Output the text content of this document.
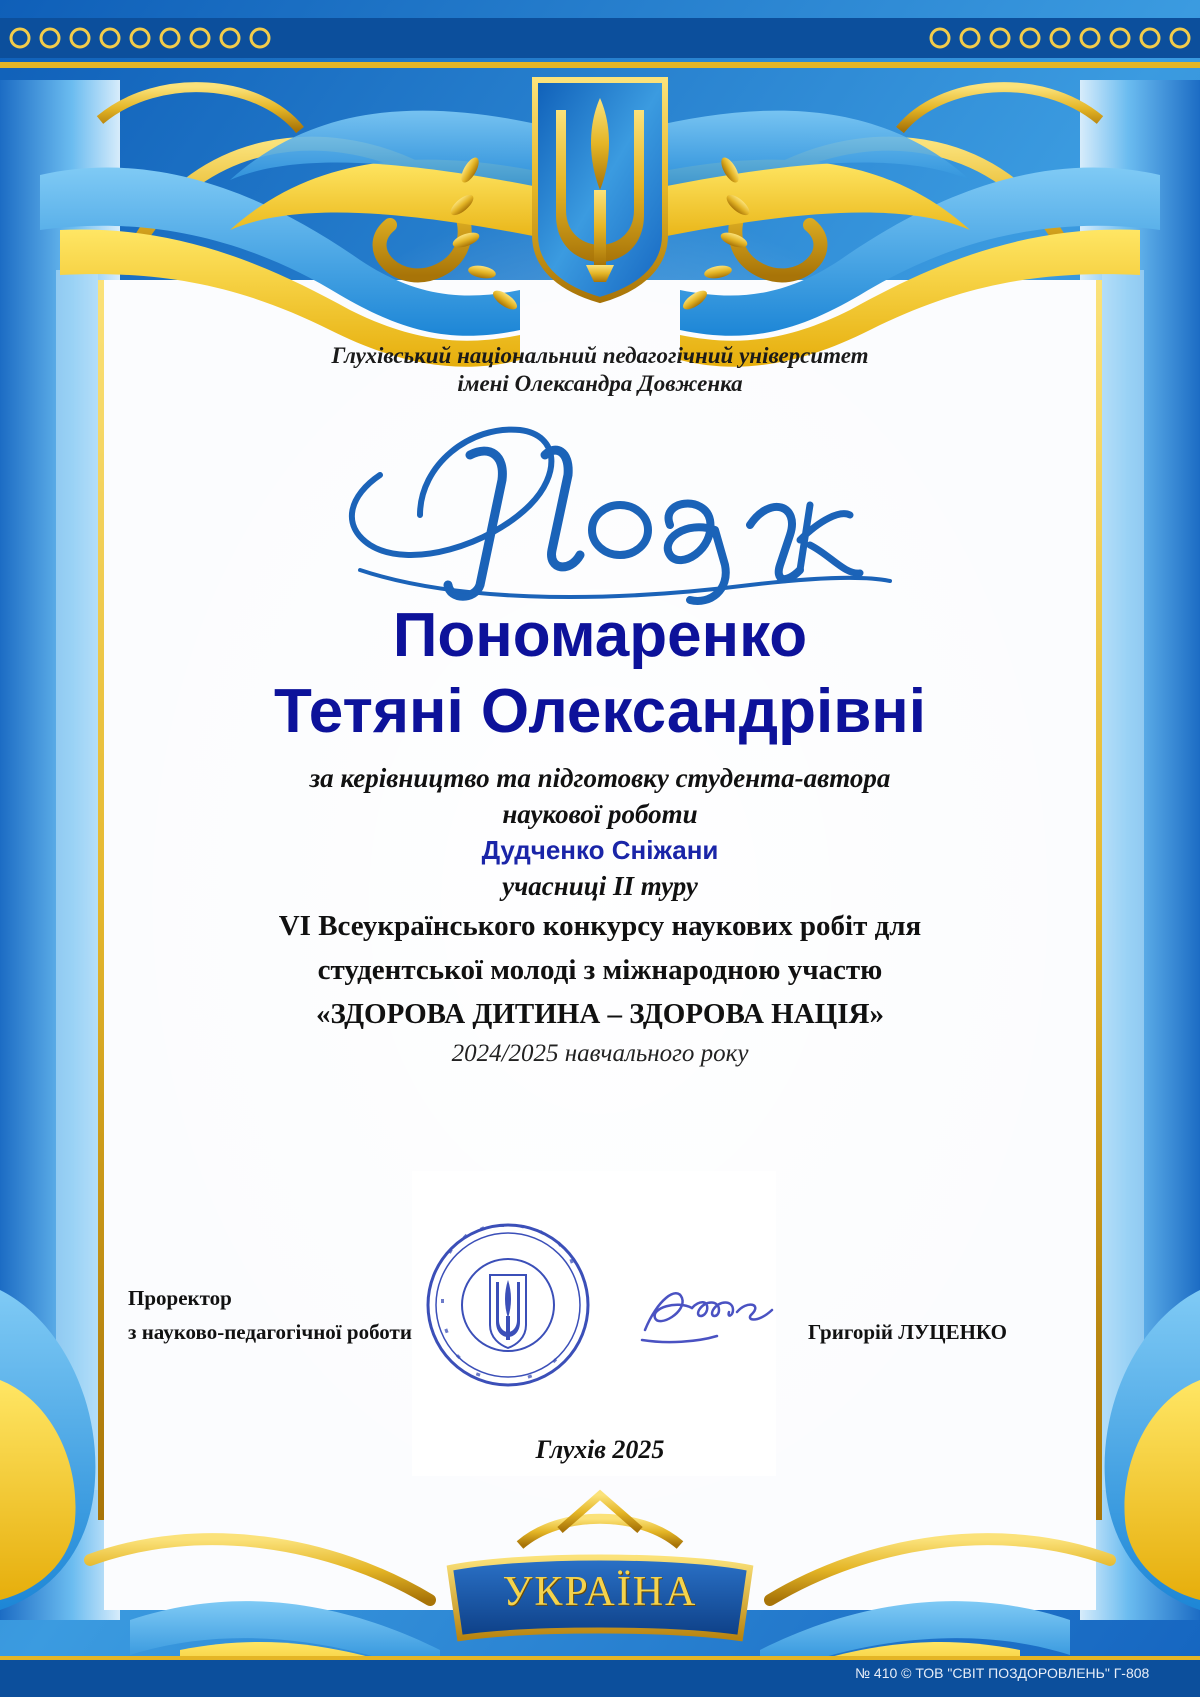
Глухівський національний педагогічний університет
імені Олександра Довженка
Пономаренко
Тетяні Олександрівні
за керівництво та підготовку студента-автора
наукової роботи
Дудченко Сніжани
учасниці ІІ туру
VI Всеукраїнського конкурсу наукових робіт для
студентської молоді з міжнародною участю
«ЗДОРОВА ДИТИНА – ЗДОРОВА НАЦІЯ»
2024/2025 навчального року
Проректор
з науково-педагогічної роботи	Григорій ЛУЦЕНКО
Глухів 2025
УКРАЇНА
№ 410 © ТОВ "СВІТ ПОЗДОРОВЛЕНЬ" Г-808
